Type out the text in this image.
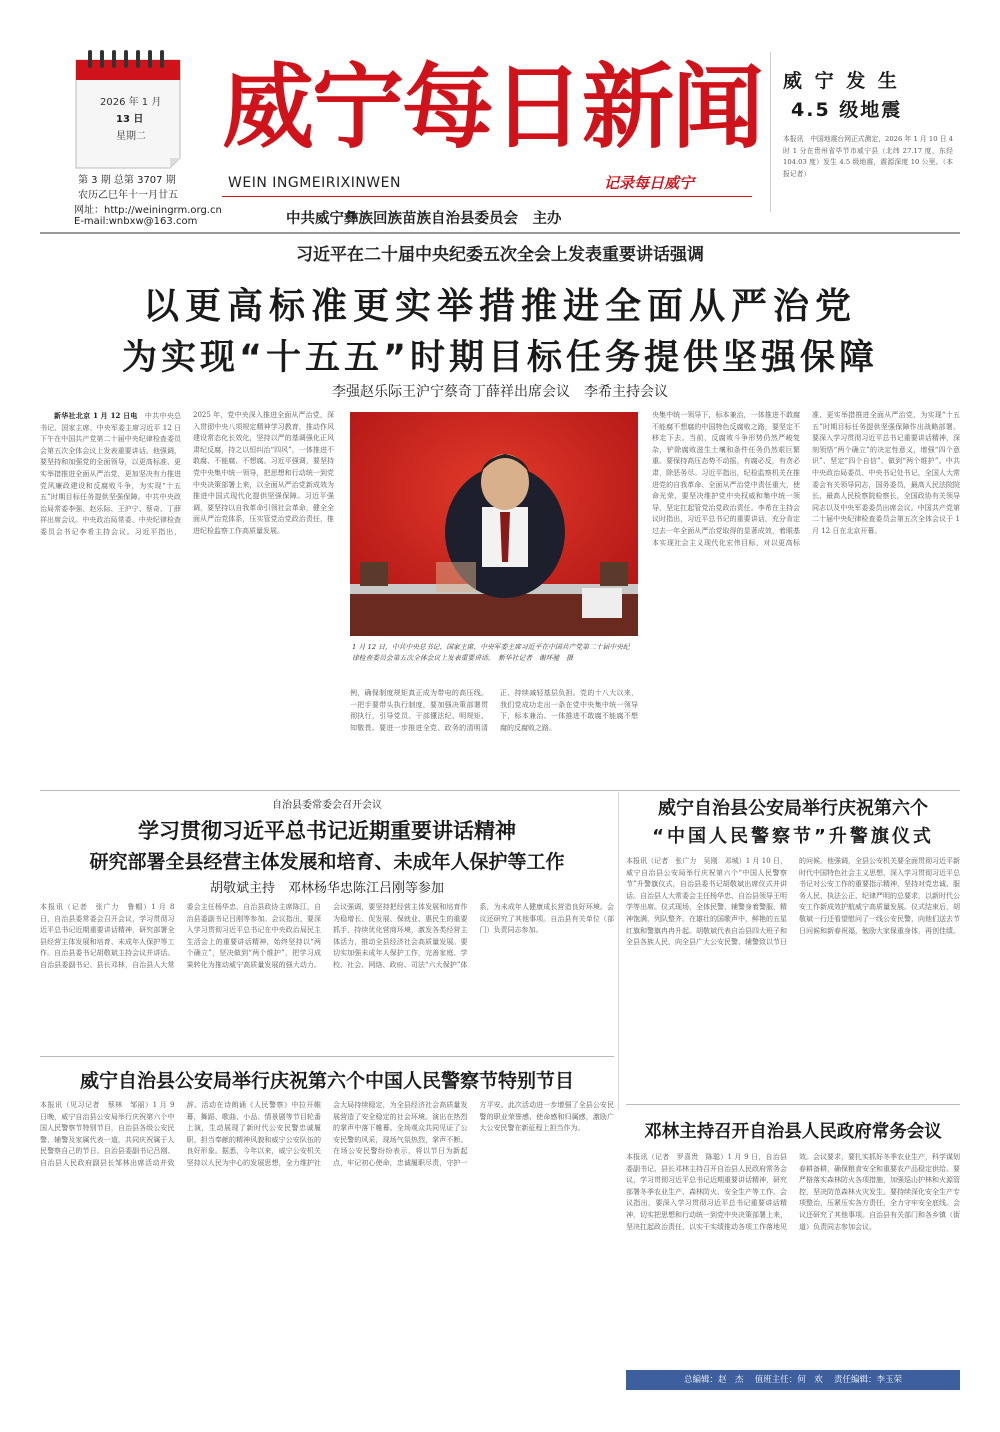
2026 年 1 月
13 日
星期二
第 3 期 总第 3707 期
农历乙巳年十一月廿五
网址：http://weiningrm.org.cn
E-mail:wnbxw@163.com
威宁每日新闻
WEIN INGMEIRIXINWEN	记录每日威宁
中共威宁彝族回族苗族自治县委员会　主办
威 宁 发 生
4.5 级地震
本报讯　中国地震台网正式测定，2026 年 1 月 10 日 4 时 1 分在贵州省毕节市威宁县（北纬 27.17 度，东经 104.03 度）发生 4.5 级地震，震源深度 10 公里。（本报记者）
习近平在二十届中央纪委五次全会上发表重要讲话强调
以更高标准更实举措推进全面从严治党
为实现“十五五”时期目标任务提供坚强保障
李强赵乐际王沪宁蔡奇丁薛祥出席会议　李希主持会议

新华社北京 1 月 12 日电　 中共中央总书记、国家主席、中央军委主席习近平 12 日下午在中国共产党第二十届中央纪律检查委员会第五次全体会议上发表重要讲话。他强调，要坚持和加强党的全面领导，以更高标准、更实举措推进全面从严治党，更加坚决有力推进党风廉政建设和反腐败斗争，为实现“十五五”时期目标任务提供坚强保障。中共中央政治局常委李强、赵乐际、王沪宁、蔡奇、丁薛祥出席会议。中央政治局常委、中央纪律检查委员会书记李希主持会议。习近平指出，2025 年，党中央深入推进全面从严治党，深入贯彻中央八项规定精神学习教育，推动作风建设常态化长效化，坚持以严的基调强化正风肃纪反腐，持之以恒纠治“四风”，一体推进不敢腐、不能腐、不想腐。习近平强调，要坚持党中央集中统一领导，把思想和行动统一到党中央决策部署上来，以全面从严治党新成效为推进中国式现代化提供坚强保障。习近平强调，要坚持以自我革命引领社会革命，健全全面从严治党体系，压实管党治党政治责任，推进纪检监察工作高质量发展。

1 月 12 日，中共中央总书记、国家主席、中央军委主席习近平在中国共产党第二十届中央纪律检查委员会第五次全体会议上发表重要讲话。　新华社记者　谢环驰　摄
例，确保制度规矩真正成为带电的高压线。一把手要带头执行制度，要加强决策部署贯彻执行，引导党员、干部懂法纪、明规矩、知敬畏。要进一步推进全党、政务的清明清正、持续减轻基层负担。党的十八大以来，我们党成功走出一条在党中央集中统一领导下，标本兼治、一体推进不敢腐不能腐不想腐的反腐败之路。
央集中统一领导下，标本兼治，一体推进不敢腐不能腐不想腐的中国特色反腐败之路，要坚定不移走下去。当前，反腐败斗争形势仍然严峻复杂，铲除腐败滋生土壤和条件任务仍然艰巨繁重。要保持高压态势不动摇，有腐必反，有贪必肃，除恶务尽。习近平指出，纪检监察机关在推进党的自我革命、全面从严治党中责任重大，使命光荣，要坚决维护党中央权威和集中统一领导，坚定扛起管党治党政治责任。李希在主持会议时指出，习近平总书记的重要讲话，充分肯定过去一年全面从严治党取得的显著成效，着眼基本实现社会主义现代化宏伟目标，对以更高标准、更实举措推进全面从严治党，为实现“十五五”时期目标任务提供坚强保障作出战略部署。要深入学习贯彻习近平总书记重要讲话精神，深刻领悟“两个确立”的决定性意义，增强“四个意识”、坚定“四个自信”、做到“两个维护”。中共中央政治局委员、中央书记处书记，全国人大常委会有关领导同志，国务委员，最高人民法院院长、最高人民检察院检察长，全国政协有关领导同志以及中央军委委员出席会议。中国共产党第二十届中央纪律检查委员会第五次全体会议于 1 月 12 日在北京开幕。
自治县委常委会召开会议
学习贯彻习近平总书记近期重要讲话精神
研究部署全县经营主体发展和培育、未成年人保护等工作
胡敬斌主持　邓林杨华忠陈江吕刚等参加
本报讯（记者　张广力　鲁帽）1 月 8 日，自治县委常委会召开会议，学习贯彻习近平总书记近期重要讲话精神，研究部署全县经营主体发展和培育、未成年人保护等工作。自治县委书记胡敬斌主持会议并讲话。自治县委副书记、县长邓林，自治县人大常委会主任杨华忠，自治县政协主席陈江，自治县委副书记吕刚等参加。会议指出，要深入学习贯彻习近平总书记在中央政治局民主生活会上的重要讲话精神，始终坚持以“两个确立”，坚决做到“两个维护”，把学习成果转化为推动威宁高质量发展的强大动力。会议强调，要坚持把经营主体发展和培育作为稳增长、促发展、保就业、惠民生的重要抓手，持续优化营商环境，激发各类经营主体活力，推动全县经济社会高质量发展。要切实加强未成年人保护工作，完善家庭、学校、社会、网络、政府、司法“六大保护”体系，为未成年人健康成长营造良好环境。会议还研究了其他事项。自治县有关单位（部门）负责同志参加。
威宁自治县公安局举行庆祝第六个
“中国人民警察节”升警旗仪式
本报讯（记者　张广力　吴刚　邓城）1 月 10 日，威宁自治县公安局举行庆祝第六个“中国人民警察节”升警旗仪式，自治县委书记胡敬斌出席仪式并讲话。自治县人大常委会主任杨华忠、自治县领导王明学等出席。仪式现场，全体民警、辅警身着警服，精神饱满，列队整齐。在雄壮的国歌声中，鲜艳的五星红旗和警旗冉冉升起。胡敬斌代表自治县四大班子和全县各族人民，向全县广大公安民警、辅警致以节日的问候。他强调，全县公安机关要全面贯彻习近平新时代中国特色社会主义思想，深入学习贯彻习近平总书记对公安工作的重要指示精神，坚持对党忠诚、服务人民、执法公正、纪律严明的总要求，以新时代公安工作新成效护航威宁高质量发展。仪式结束后，胡敬斌一行还看望慰问了一线公安民警，向他们送去节日问候和新春祝福，勉励大家保重身体，再创佳绩。
威宁自治县公安局举行庆祝第六个中国人民警察节特别节目
本报讯（见习记者　蔡林　邹丽）1 月 9 日晚，威宁自治县公安局举行庆祝第六个中国人民警察节特别节目，自治县各级公安民警、辅警及家属代表一道，共同庆祝属于人民警察自己的节日。自治县委副书记吕刚、自治县人民政府副县长邹林出席活动并致辞。活动在诗朗诵《人民警察》中拉开帷幕，舞蹈、歌曲、小品、情景剧等节目轮番上演，生动展现了新时代公安民警忠诚履职、担当奉献的精神风貌和威宁公安队伍的良好形象。据悉，今年以来，威宁公安机关坚持以人民为中心的发展思想，全力维护社会大局持续稳定，为全县经济社会高质量发展营造了安全稳定的社会环境。演出在热烈的掌声中落下帷幕。全场观众共同见证了公安民警的风采，现场气氛热烈，掌声不断。在场公安民警纷纷表示，将以节日为新起点，牢记初心使命，忠诚履职尽责，守护一方平安。此次活动进一步增强了全县公安民警的职业荣誉感、使命感和归属感，激励广大公安民警在新征程上担当作为。	邓林主持召开自治县人民政府常务会议
本报讯（记者　罗喜贵　陈聪）1 月 9 日，自治县委副书记、县长邓林主持召开自治县人民政府常务会议，学习贯彻习近平总书记近期重要讲话精神，研究部署冬季农业生产、森林防火、安全生产等工作。会议指出，要深入学习贯彻习近平总书记重要讲话精神，切实把思想和行动统一到党中央决策部署上来，坚决扛起政治责任，以实干实绩推动各项工作落地见效。会议要求，要扎实抓好冬季农业生产，科学谋划春耕备耕，确保粮食安全和重要农产品稳定供给。要严格落实森林防火各项措施，加强巡山护林和火源管控，坚决防范森林火灾发生。要持续深化安全生产专项整治，压紧压实各方责任，全力守牢安全底线。会议还研究了其他事项。自治县有关部门和各乡镇（街道）负责同志参加会议。
总编辑：赵　杰　 值班主任：何　欢　 责任编辑：李玉荣
